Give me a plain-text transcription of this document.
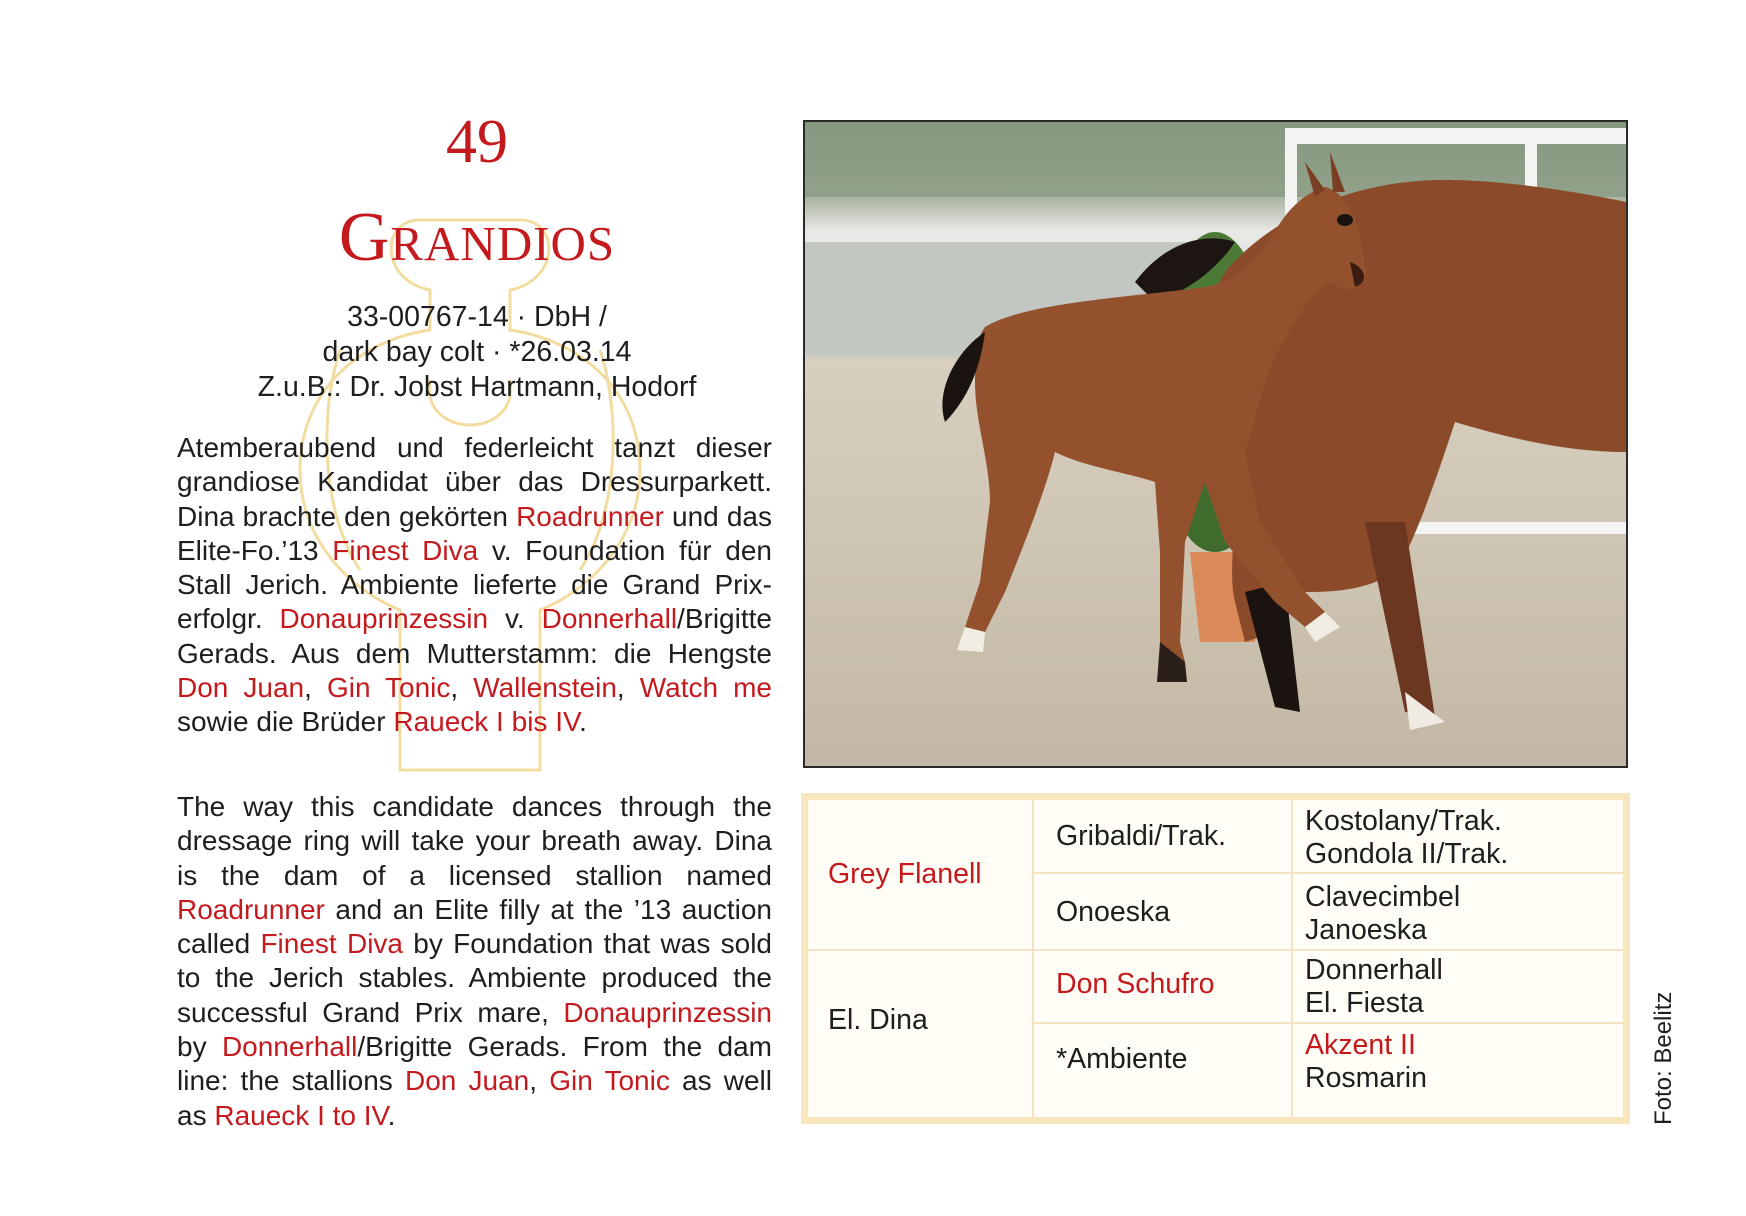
49
Grandios
33-00767-14 · DbH /
dark bay colt · *26.03.14
Z.u.B.: Dr. Jobst Hartmann, Hodorf
Atemberaubend und federleicht tanzt dieser grandiose Kandidat über das Dressurparkett. Dina brachte den gekörten Roadrunner und das Elite-Fo.’13 Finest Diva v. Foundation für den Stall Jerich. Ambiente lieferte die Grand Prix-erfolgr. Donauprinzessin v. Donnerhall/Brigitte Gerads. Aus dem Mutterstamm: die Hengste Don Juan, Gin Tonic, Wallenstein, Watch me sowie die Brüder Raueck I bis IV.
The way this candidate dances through the dressage ring will take your breath away. Dina is the dam of a licensed stallion named Roadrunner and an Elite filly at the ’13 auction called Finest Diva by Foundation that was sold to the Jerich stables. Ambiente produced the successful Grand Prix mare, Donauprinzessin by Donnerhall/Brigitte Gerads. From the dam line: the stallions Don Juan, Gin Tonic as well as Raueck I to IV.
Grey Flanell
El. Dina
Gribaldi/Trak.
Onoeska
Don Schufro
*Ambiente
Kostolany/Trak.
Gondola II/Trak.
Clavecimbel
Janoeska
Donnerhall
El. Fiesta
Akzent II
Rosmarin	Foto: Beelitz
